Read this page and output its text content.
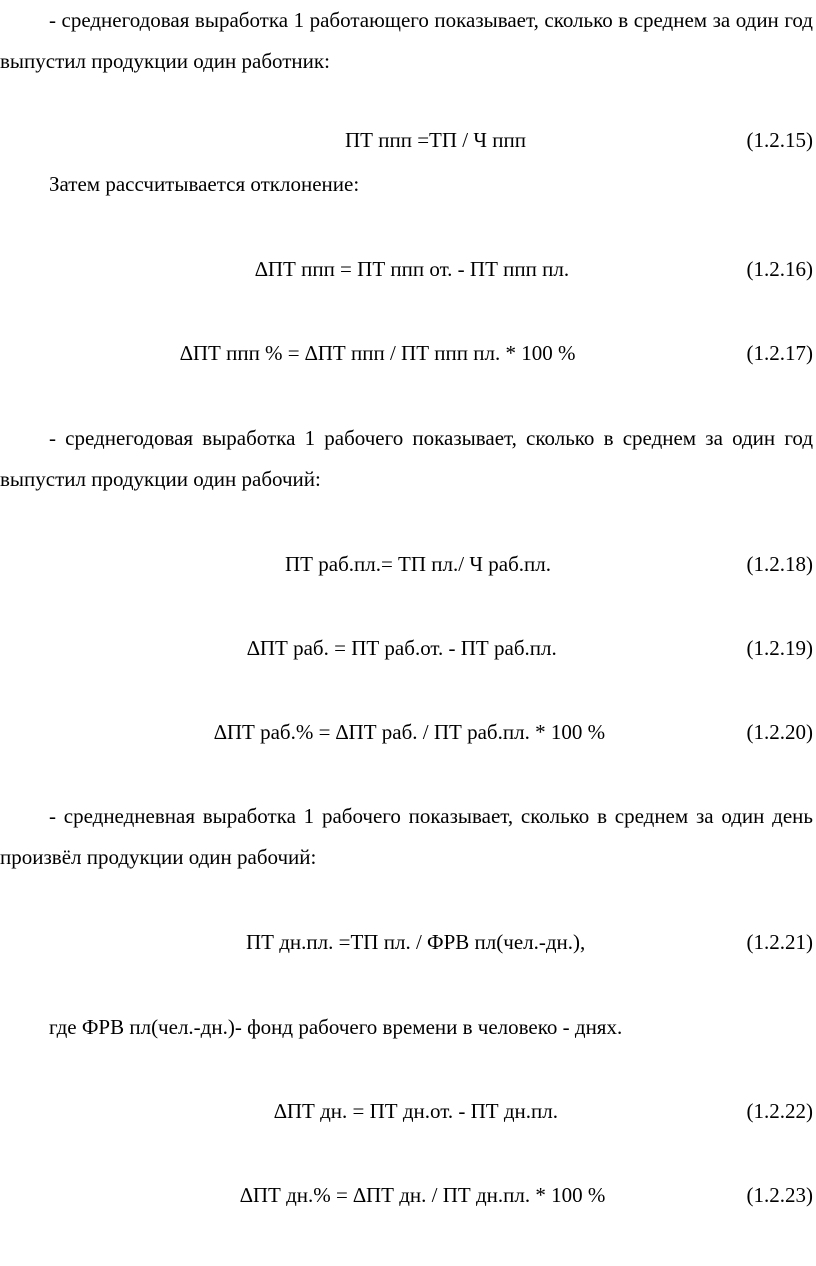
- среднегодовая выработка 1 работающего показывает, сколько в среднем за один год выпустил продукции один работник:

ПТ ппп =ТП / Ч ппп	(1.2.15)

Затем рассчитывается отклонение:

∆ПТ ппп = ПТ ппп от. - ПТ ппп пл.	(1.2.16)

∆ПТ ппп % = ∆ПТ ппп / ПТ ппп пл. * 100 %	(1.2.17)

- среднегодовая выработка 1 рабочего показывает, сколько в среднем за один год выпустил продукции один рабочий:

ПТ раб.пл.= ТП пл./ Ч раб.пл.	(1.2.18)

∆ПТ раб. = ПТ раб.от. - ПТ раб.пл.	(1.2.19)

∆ПТ раб.% = ∆ПТ раб. / ПТ раб.пл. * 100 %	(1.2.20)

- среднедневная выработка 1 рабочего показывает, сколько в среднем за один день произвёл продукции один рабочий:

ПТ дн.пл. =ТП пл. / ФРВ пл(чел.-дн.),	(1.2.21)

где ФРВ пл(чел.-дн.)- фонд рабочего времени в человеко - днях.

∆ПТ дн. = ПТ дн.от. - ПТ дн.пл.	(1.2.22)

∆ПТ дн.% = ∆ПТ дн. / ПТ дн.пл. * 100 %	(1.2.23)
